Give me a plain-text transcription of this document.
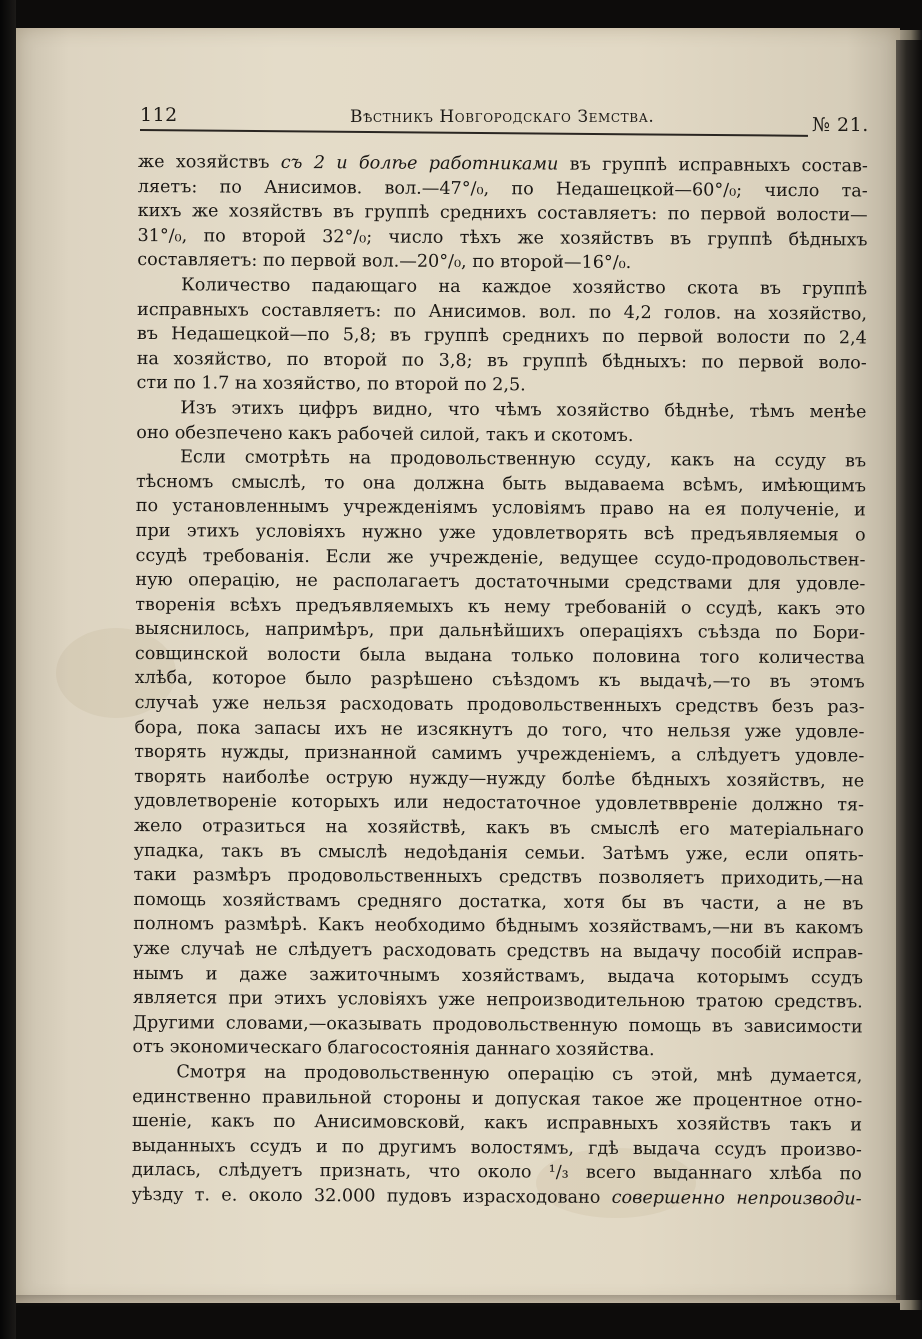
112	Вѣстникъ Новгородскаго Земства.	№ 21.
же хозяйствъ съ 2 и болѣе работниками въ группѣ исправныхъ состав-
ляетъ: по Анисимов. вол.—47°/₀, по Недашецкой—60°/₀; число та-
кихъ же хозяйствъ въ группѣ среднихъ составляетъ: по первой волости—
31°/₀, по второй 32°/₀; число тѣхъ же хозяйствъ въ группѣ бѣдныхъ
составляетъ: по первой вол.—20°/₀, по второй—16°/₀.
Количество падающаго на каждое хозяйство скота въ группѣ
исправныхъ составляетъ: по Анисимов. вол. по 4,2 голов. на хозяйство,
въ Недашецкой—по 5,8; въ группѣ среднихъ по первой волости по 2,4
на хозяйство, по второй по 3,8; въ группѣ бѣдныхъ: по первой воло-
сти по 1.7 на хозяйство, по второй по 2,5.
Изъ этихъ цифръ видно, что чѣмъ хозяйство бѣднѣе, тѣмъ менѣе
оно обезпечено какъ рабочей силой, такъ и скотомъ.
Если смотрѣть на продовольственную ссуду, какъ на ссуду въ
тѣсномъ смыслѣ, то она должна быть выдаваема всѣмъ, имѣющимъ
по установленнымъ учрежденіямъ условіямъ право на ея полученіе, и
при этихъ условіяхъ нужно уже удовлетворять всѣ предъявляемыя о
ссудѣ требованія. Если же учрежденіе, ведущее ссудо-продовольствен-
ную операцію, не располагаетъ достаточными средствами для удовле-
творенія всѣхъ предъявляемыхъ къ нему требованій о ссудѣ, какъ это
выяснилось, напримѣръ, при дальнѣйшихъ операціяхъ съѣзда по Бори-
совщинской волости была выдана только половина того количества
хлѣба, которое было разрѣшено съѣздомъ къ выдачѣ,—то въ этомъ
случаѣ уже нельзя расходовать продовольственныхъ средствъ безъ раз-
бора, пока запасы ихъ не изсякнутъ до того, что нельзя уже удовле-
творять нужды, признанной самимъ учрежденіемъ, а слѣдуетъ удовле-
творять наиболѣе острую нужду—нужду болѣе бѣдныхъ хозяйствъ, не
удовлетвореніе которыхъ или недостаточное удовлетввреніе должно тя-
жело отразиться на хозяйствѣ, какъ въ смыслѣ его матеріальнаго
упадка, такъ въ смыслѣ недоѣданія семьи. Затѣмъ уже, если опять-
таки размѣръ продовольственныхъ средствъ позволяетъ приходить,—на
помощь хозяйствамъ средняго достатка, хотя бы въ части, а не въ
полномъ размѣрѣ. Какъ необходимо бѣднымъ хозяйствамъ,—ни въ какомъ
уже случаѣ не слѣдуетъ расходовать средствъ на выдачу пособій исправ-
нымъ и даже зажиточнымъ хозяйствамъ, выдача которымъ ссудъ
является при этихъ условіяхъ уже непроизводительною тратою средствъ.
Другими словами,—оказывать продовольственную помощь въ зависимости
отъ экономическаго благосостоянія даннаго хозяйства.
Смотря на продовольственную операцію съ этой, мнѣ думается,
единственно правильной стороны и допуская такое же процентное отно-
шеніе, какъ по Анисимовсковй, какъ исправныхъ хозяйствъ такъ и
выданныхъ ссудъ и по другимъ волостямъ, гдѣ выдача ссудъ произво-
дилась, слѣдуетъ признать, что около ¹/₃ всего выданнаго хлѣба по
уѣзду т. е. около 32.000 пудовъ израсходовано совершенно непроизводи-
